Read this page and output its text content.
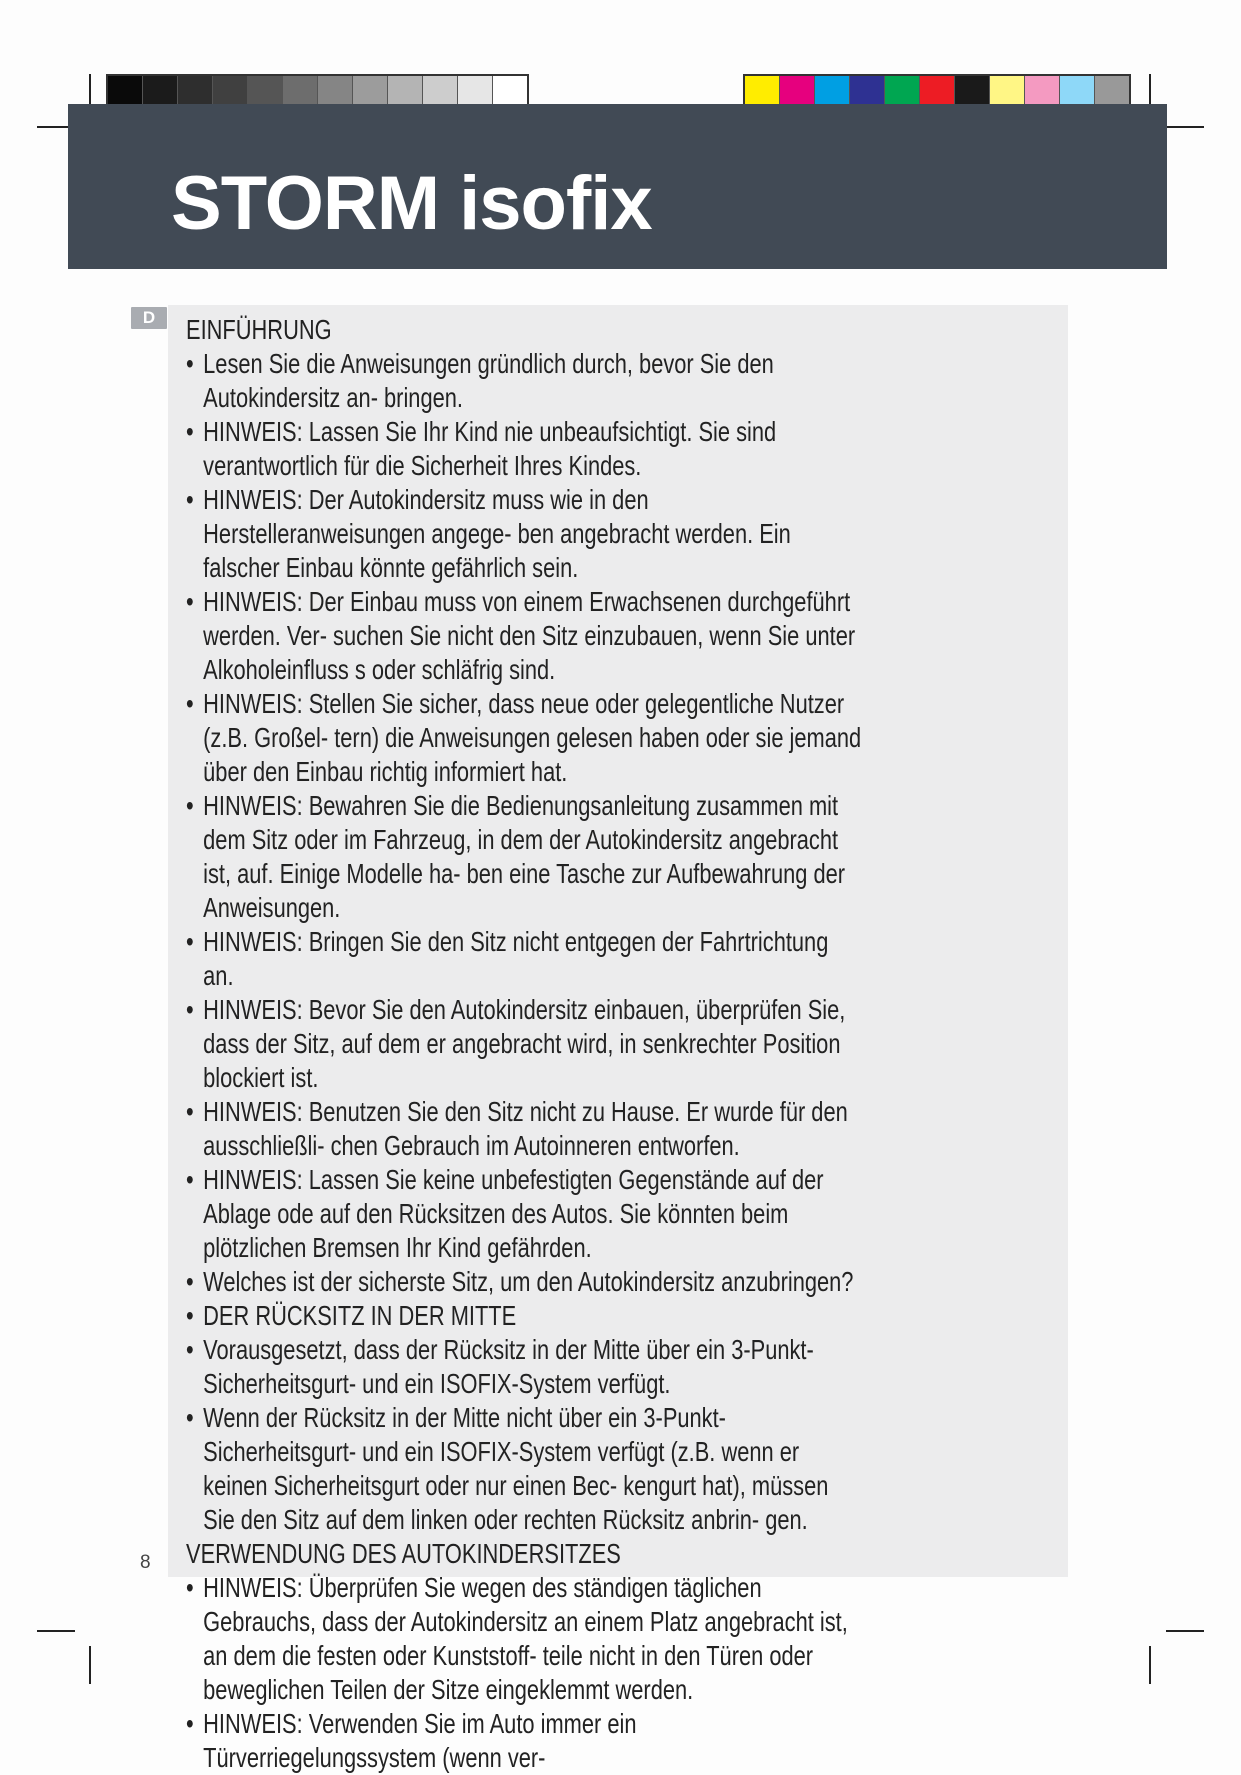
STORM isofix
D	EINFÜHRUNG

• Lesen Sie die Anweisungen gründlich durch, bevor Sie den Autokindersitz an- bringen.
• HINWEIS: Lassen Sie Ihr Kind nie unbeaufsichtigt. Sie sind verantwortlich für die Sicherheit Ihres Kindes.
• HINWEIS: Der Autokindersitz muss wie in den Herstelleranweisungen angege- ben angebracht werden. Ein falscher Einbau könnte gefährlich sein.
• HINWEIS: Der Einbau muss von einem Erwachsenen durchgeführt werden. Ver- suchen Sie nicht den Sitz einzubauen, wenn Sie unter Alkoholeinfluss s oder schläfrig sind.
• HINWEIS: Stellen Sie sicher, dass neue oder gelegentliche Nutzer (z.B. Großel- tern) die Anweisungen gelesen haben oder sie jemand über den Einbau richtig informiert hat.
• HINWEIS: Bewahren Sie die Bedienungsanleitung zusammen mit dem Sitz oder im Fahrzeug, in dem der Autokindersitz angebracht ist, auf. Einige Modelle ha- ben eine Tasche zur Aufbewahrung der Anweisungen.
• HINWEIS: Bringen Sie den Sitz nicht entgegen der Fahrtrichtung an.
• HINWEIS: Bevor Sie den Autokindersitz einbauen, überprüfen Sie, dass der Sitz, auf dem er angebracht wird, in senkrechter Position blockiert ist.
• HINWEIS: Benutzen Sie den Sitz nicht zu Hause. Er wurde für den ausschließli- chen Gebrauch im Autoinneren entworfen.
• HINWEIS: Lassen Sie keine unbefestigten Gegenstände auf der Ablage ode auf den Rücksitzen des Autos. Sie könnten beim plötzlichen Bremsen Ihr Kind gefährden.
• Welches ist der sicherste Sitz, um den Autokindersitz anzubringen?
• DER RÜCKSITZ IN DER MITTE
• Vorausgesetzt, dass der Rücksitz in der Mitte über ein 3-Punkt-Sicherheitsgurt- und ein ISOFIX-System verfügt.
• Wenn der Rücksitz in der Mitte nicht über ein 3-Punkt-Sicherheitsgurt- und ein ISOFIX-System verfügt (z.B. wenn er keinen Sicherheitsgurt oder nur einen Bec- kengurt hat), müssen Sie den Sitz auf dem linken oder rechten Rücksitz anbrin- gen.

VERWENDUNG DES AUTOKINDERSITZES

• HINWEIS: Überprüfen Sie wegen des ständigen täglichen Gebrauchs, dass der Autokindersitz an einem Platz angebracht ist, an dem die festen oder Kunststoff- teile nicht in den Türen oder beweglichen Teilen der Sitze eingeklemmt werden.
• HINWEIS: Verwenden Sie im Auto immer ein Türverriegelungssystem (wenn ver-
8
